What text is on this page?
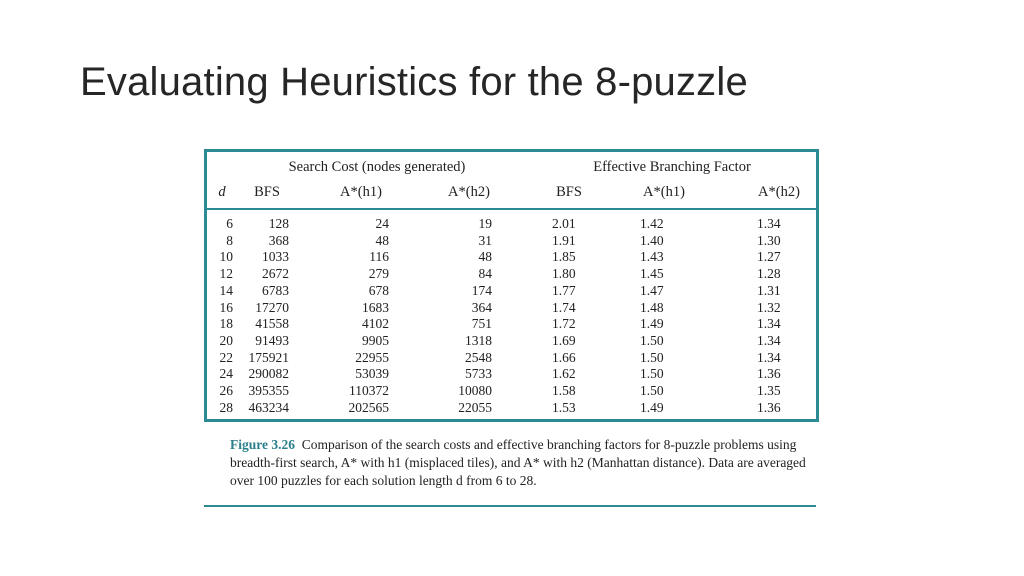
Evaluating Heuristics for the 8-puzzle
Search Cost (nodes generated)	Effective Branching Factor
d	BFS	A*(h1)	A*(h2)	BFS	A*(h1)	A*(h2)
6	128	24	19	2.01	1.42	1.34
8	368	48	31	1.91	1.40	1.30
10	1033	116	48	1.85	1.43	1.27
12	2672	279	84	1.80	1.45	1.28
14	6783	678	174	1.77	1.47	1.31
16	17270	1683	364	1.74	1.48	1.32
18	41558	4102	751	1.72	1.49	1.34
20	91493	9905	1318	1.69	1.50	1.34
22	175921	22955	2548	1.66	1.50	1.34
24	290082	53039	5733	1.62	1.50	1.36
26	395355	110372	10080	1.58	1.50	1.35
28	463234	202565	22055	1.53	1.49	1.36

Figure 3.26 Comparison of the search costs and effective branching factors for 8-puzzle problems using breadth-first search, A* with h1 (misplaced tiles), and A* with h2 (Manhattan distance). Data are averaged over 100 puzzles for each solution length d from 6 to 28.
